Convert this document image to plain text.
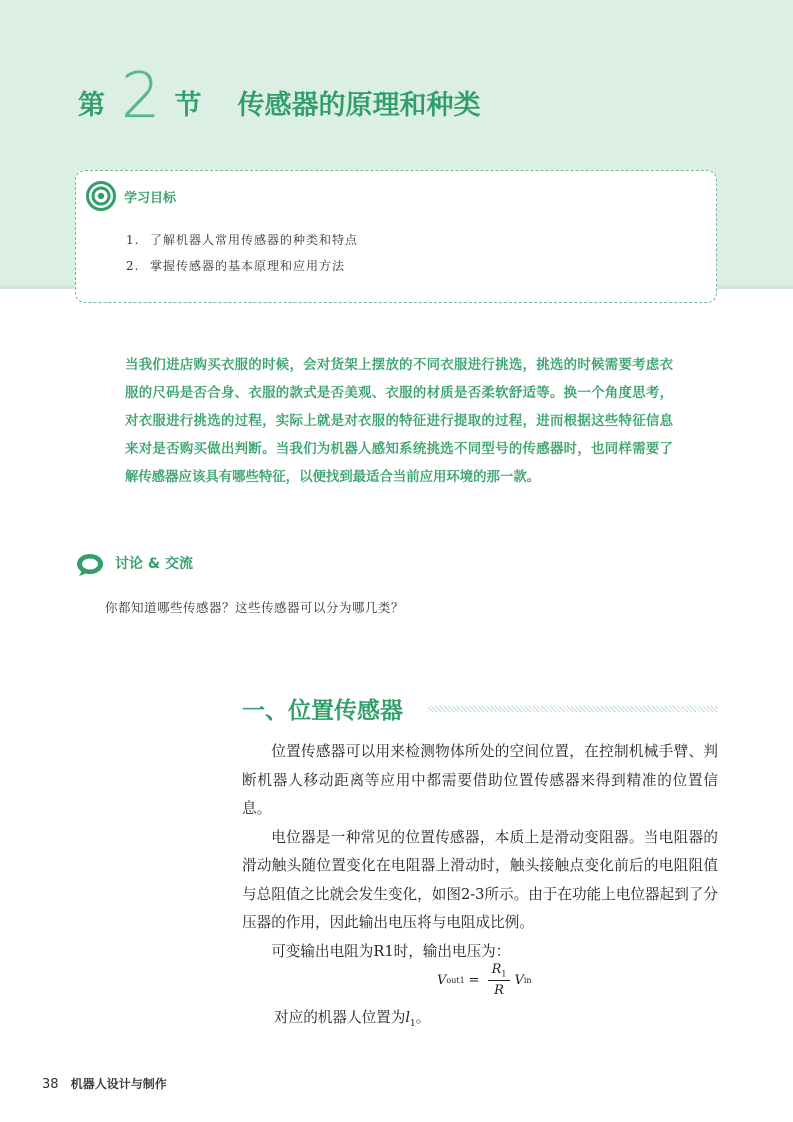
第 2 节 传感器的原理和种类
学习目标
1. 了解机器人常用传感器的种类和特点
2. 掌握传感器的基本原理和应用方法
当我们进店购买衣服的时候，会对货架上摆放的不同衣服进行挑选，挑选的时候需要考虑衣服的尺码是否合身、衣服的款式是否美观、衣服的材质是否柔软舒适等。换一个角度思考，对衣服进行挑选的过程，实际上就是对衣服的特征进行提取的过程，进而根据这些特征信息来对是否购买做出判断。当我们为机器人感知系统挑选不同型号的传感器时，也同样需要了解传感器应该具有哪些特征，以便找到最适合当前应用环境的那一款。
讨论 & 交流
你都知道哪些传感器？这些传感器可以分为哪几类？
一、位置传感器

位置传感器可以用来检测物体所处的空间位置，在控制机械手臂、判断机器人移动距离等应用中都需要借助位置传感器来得到精准的位置信息。

电位器是一种常见的位置传感器，本质上是滑动变阻器。当电阻器的滑动触头随位置变化在电阻器上滑动时，触头接触点变化前后的电阻阻值与总阻值之比就会发生变化，如图2-3所示。由于在功能上电位器起到了分压器的作用，因此输出电压将与电阻成比例。

可变输出电阻为R1时，输出电压为：

V $out1 = \frac{R_1}{R}$ V in
对应的机器人位置为$l_1$。
38 机器人设计与制作
